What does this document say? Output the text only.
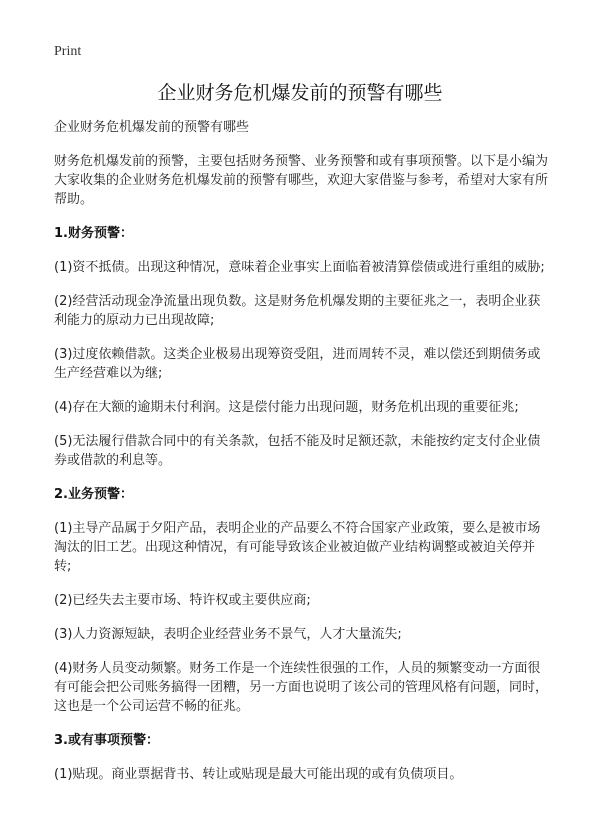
Print
企业财务危机爆发前的预警有哪些

企业财务危机爆发前的预警有哪些

财务危机爆发前的预警，主要包括财务预警、业务预警和或有事项预警。以下是小编为大家收集的企业财务危机爆发前的预警有哪些，欢迎大家借鉴与参考，希望对大家有所帮助。

1.财务预警：

(1)资不抵债。出现这种情况，意味着企业事实上面临着被清算偿债或进行重组的威胁;

(2)经营活动现金净流量出现负数。这是财务危机爆发期的主要征兆之一，表明企业获利能力的原动力已出现故障;

(3)过度依赖借款。这类企业极易出现筹资受阻，进而周转不灵，难以偿还到期债务或生产经营难以为继;

(4)存在大额的逾期未付利润。这是偿付能力出现问题，财务危机出现的重要征兆;

(5)无法履行借款合同中的有关条款，包括不能及时足额还款，未能按约定支付企业债券或借款的利息等。

2.业务预警：

(1)主导产品属于夕阳产品，表明企业的产品要么不符合国家产业政策，要么是被市场淘汰的旧工艺。出现这种情况，有可能导致该企业被迫做产业结构调整或被迫关停并转;

(2)已经失去主要市场、特许权或主要供应商;

(3)人力资源短缺，表明企业经营业务不景气，人才大量流失;

(4)财务人员变动频繁。财务工作是一个连续性很强的工作，人员的频繁变动一方面很有可能会把公司账务搞得一团糟，另一方面也说明了该公司的管理风格有问题，同时，这也是一个公司运营不畅的征兆。

3.或有事项预警：

(1)贴现。商业票据背书、转让或贴现是最大可能出现的或有负债项目。
